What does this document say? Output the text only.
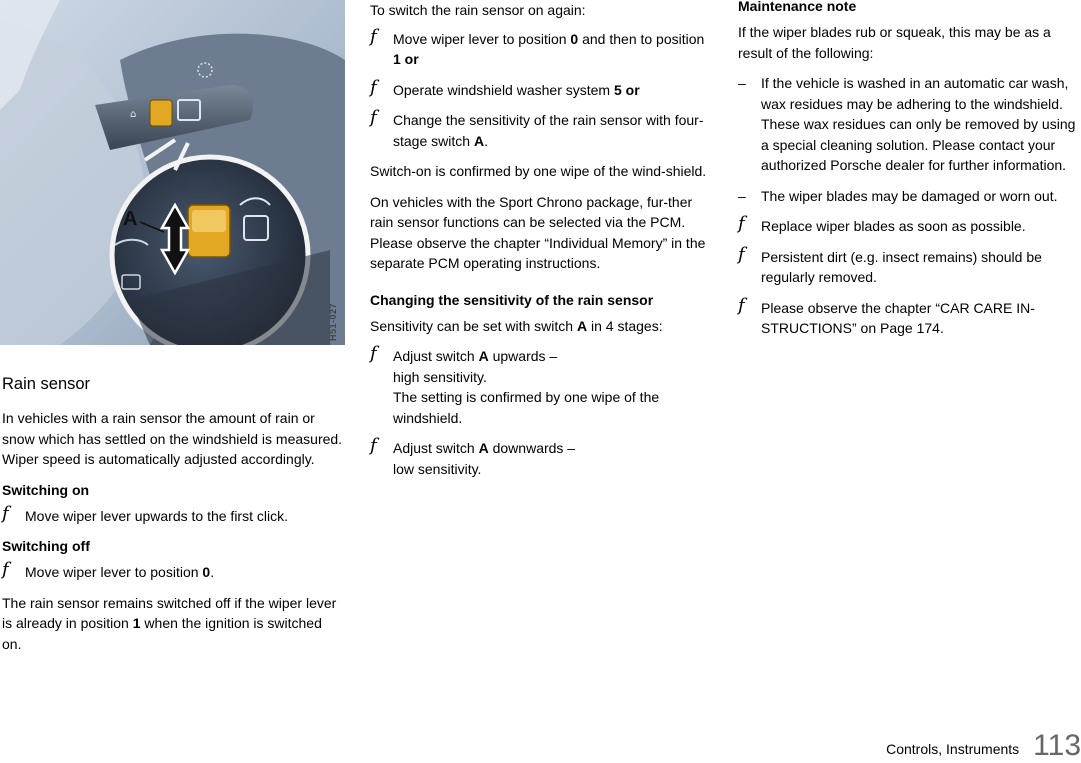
⌂
A
H51-027
Rain sensor

In vehicles with a rain sensor the amount of rain or snow which has settled on the windshield is measured. Wiper speed is automatically adjusted accordingly.

Switching on
f Move wiper lever upwards to the first click.
Switching off
f Move wiper lever to position 0.

The rain sensor remains switched off if the wiper lever is already in position 1 when the ignition is switched on.

To switch the rain sensor on again:

f Move wiper lever to position 0 and then to position 1 or
f Operate windshield washer system 5 or
f Change the sensitivity of the rain sensor with four-stage switch A.

Switch-on is confirmed by one wipe of the wind-shield.

On vehicles with the Sport Chrono package, fur-ther rain sensor functions can be selected via the PCM.

Please observe the chapter “Individual Memory” in the separate PCM operating instructions.

Changing the sensitivity of the rain sensor

Sensitivity can be set with switch A in 4 stages:

f Adjust switch A upwards –
high sensitivity.
The setting is confirmed by one wipe of the windshield.
f Adjust switch A downwards –
low sensitivity.
Maintenance note

If the wiper blades rub or squeak, this may be as a result of the following:

– If the vehicle is washed in an automatic car wash, wax residues may be adhering to the windshield. These wax residues can only be removed by using a special cleaning solution. Please contact your authorized Porsche dealer for further information.
– The wiper blades may be damaged or worn out.
f Replace wiper blades as soon as possible.
f Persistent dirt (e.g. insect remains) should be regularly removed.
f Please observe the chapter “CAR CARE IN-STRUCTIONS” on Page 174.
Controls, Instruments 113
